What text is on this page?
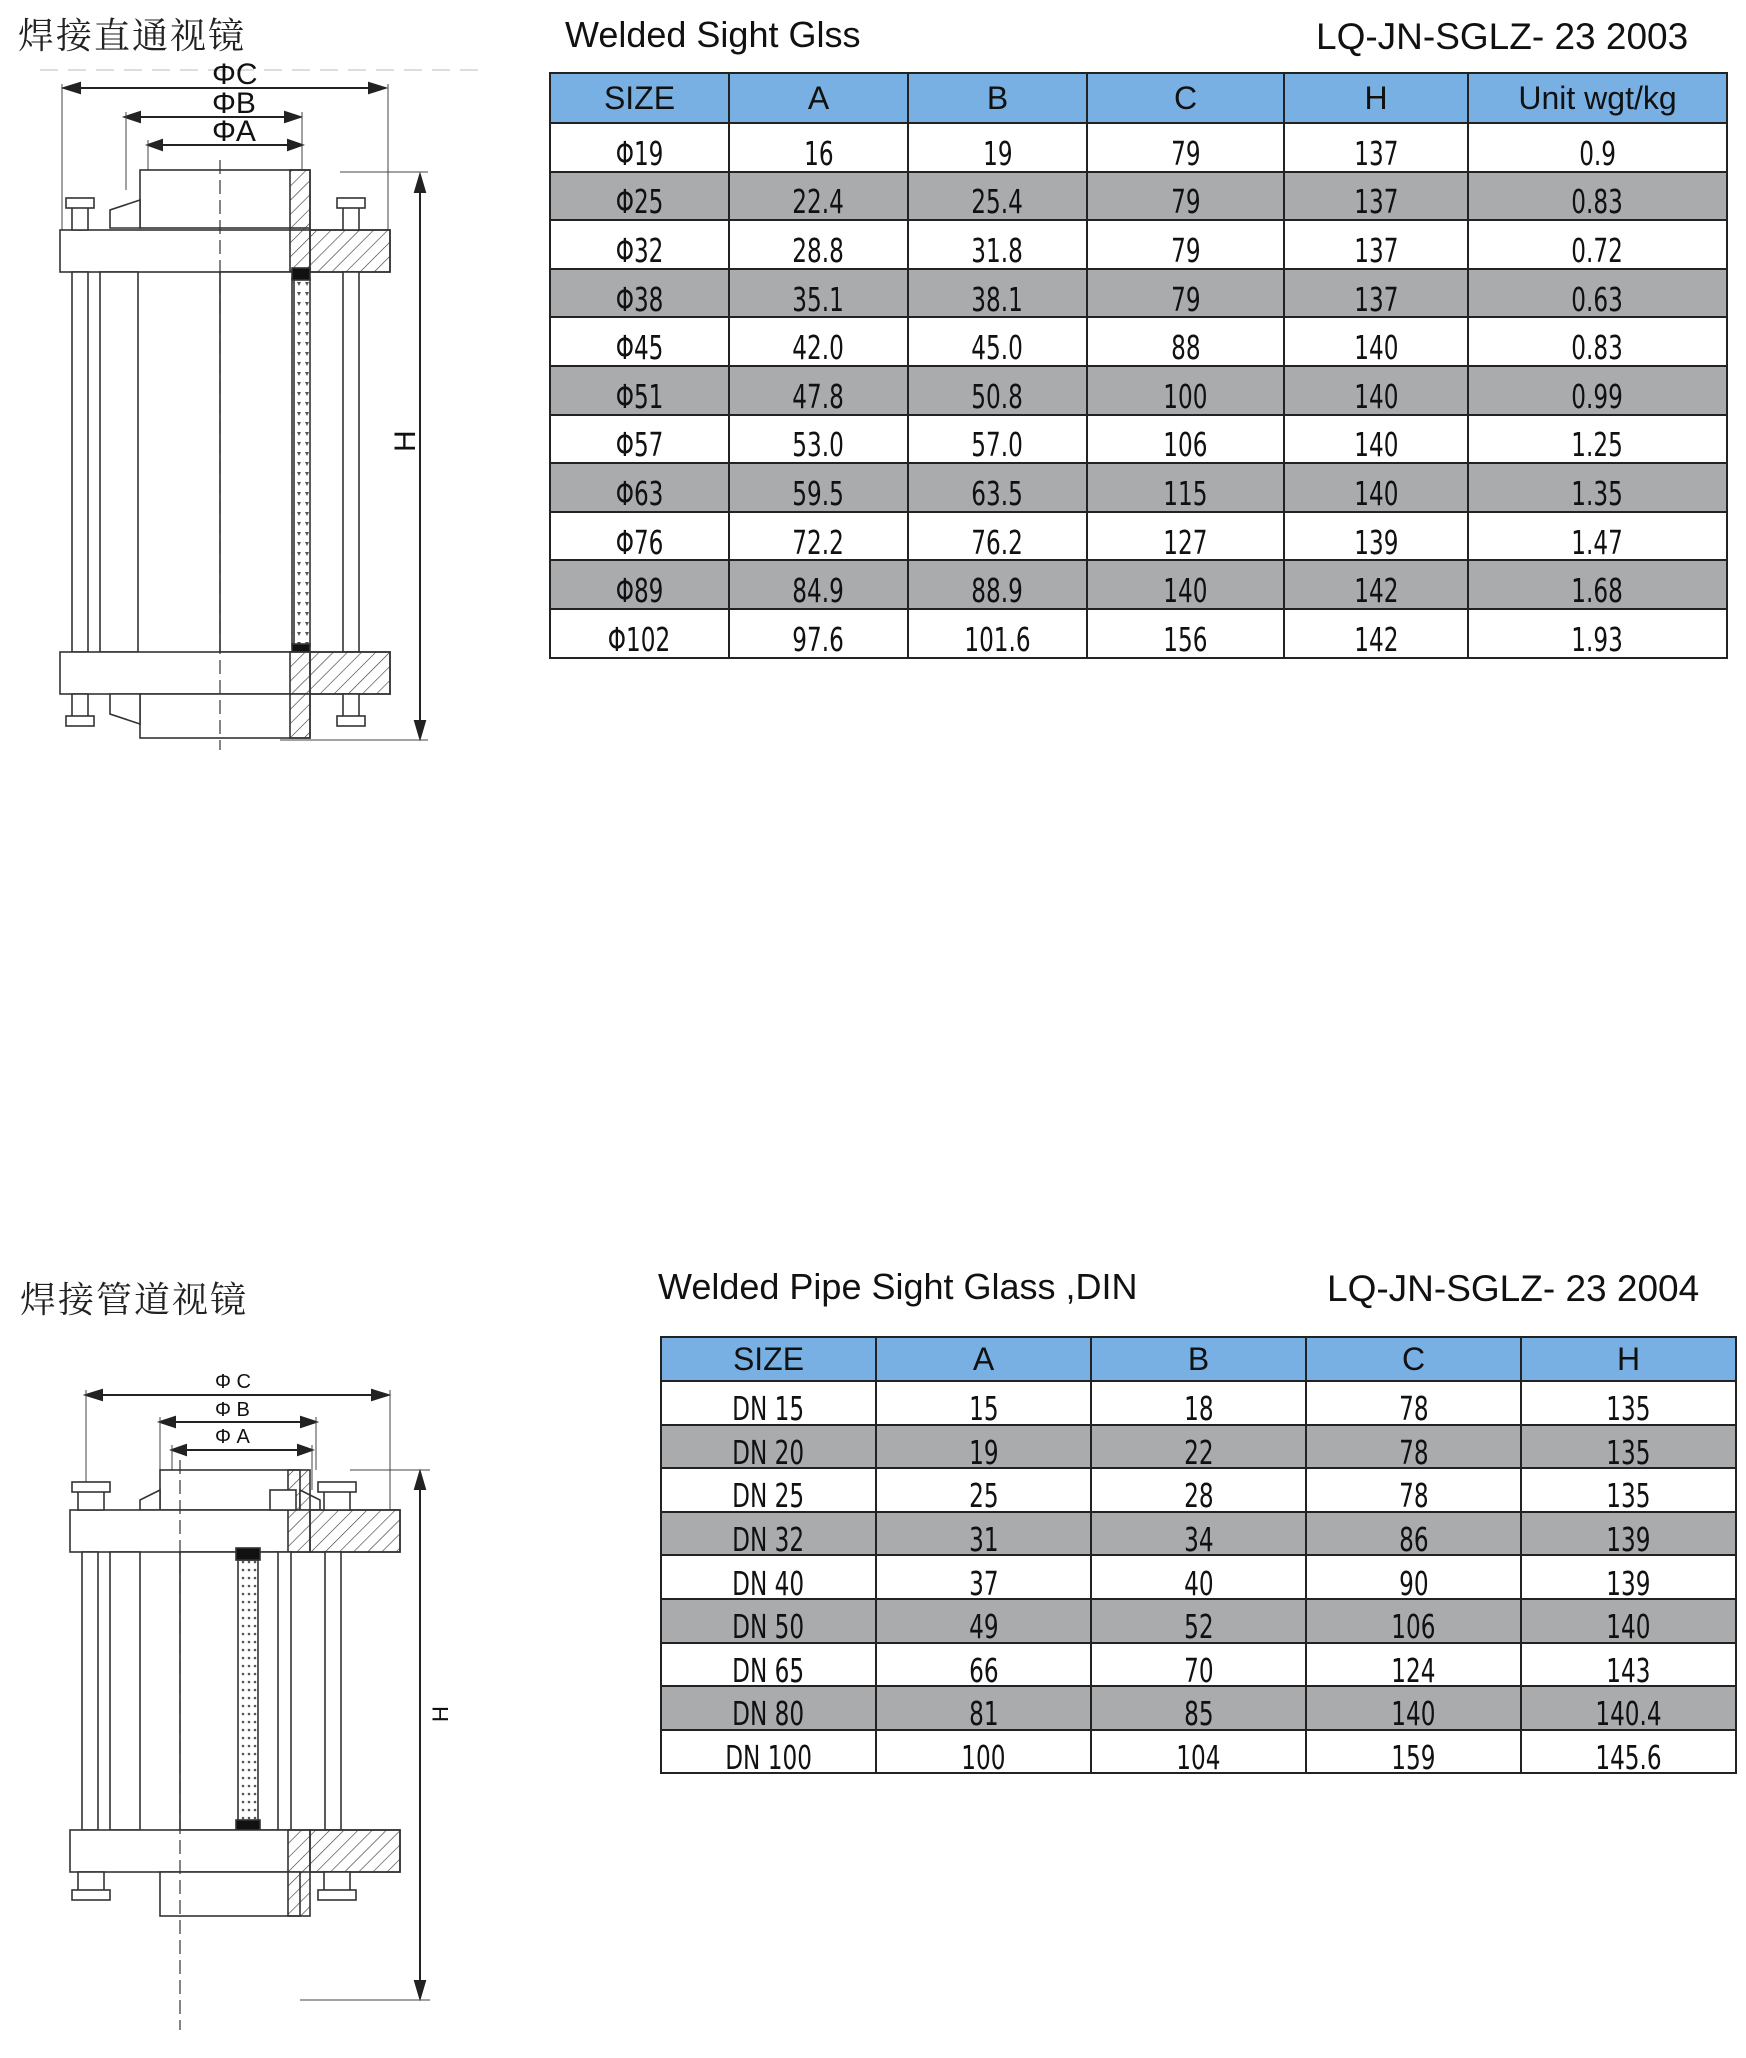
焊接直通视镜	Welded Sight Glss	LQ-JN-SGLZ- 23 2003
ΦC
ΦB
ΦA
H
SIZE	A	B	C	H	Unit wgt/kg
Φ19	16	19	79	137	0.9
Φ25	22.4	25.4	79	137	0.83
Φ32	28.8	31.8	79	137	0.72
Φ38	35.1	38.1	79	137	0.63
Φ45	42.0	45.0	88	140	0.83
Φ51	47.8	50.8	100	140	0.99
Φ57	53.0	57.0	106	140	1.25
Φ63	59.5	63.5	115	140	1.35
Φ76	72.2	76.2	127	139	1.47
Φ89	84.9	88.9	140	142	1.68
Φ102	97.6	101.6	156	142	1.93
焊接管道视镜	Welded Pipe Sight Glass ,DIN	LQ-JN-SGLZ- 23 2004
Φ C
Φ B
Φ A
H
SIZE	A	B	C	H
DN 15	15	18	78	135
DN 20	19	22	78	135
DN 25	25	28	78	135
DN 32	31	34	86	139
DN 40	37	40	90	139
DN 50	49	52	106	140
DN 65	66	70	124	143
DN 80	81	85	140	140.4
DN 100	100	104	159	145.6
